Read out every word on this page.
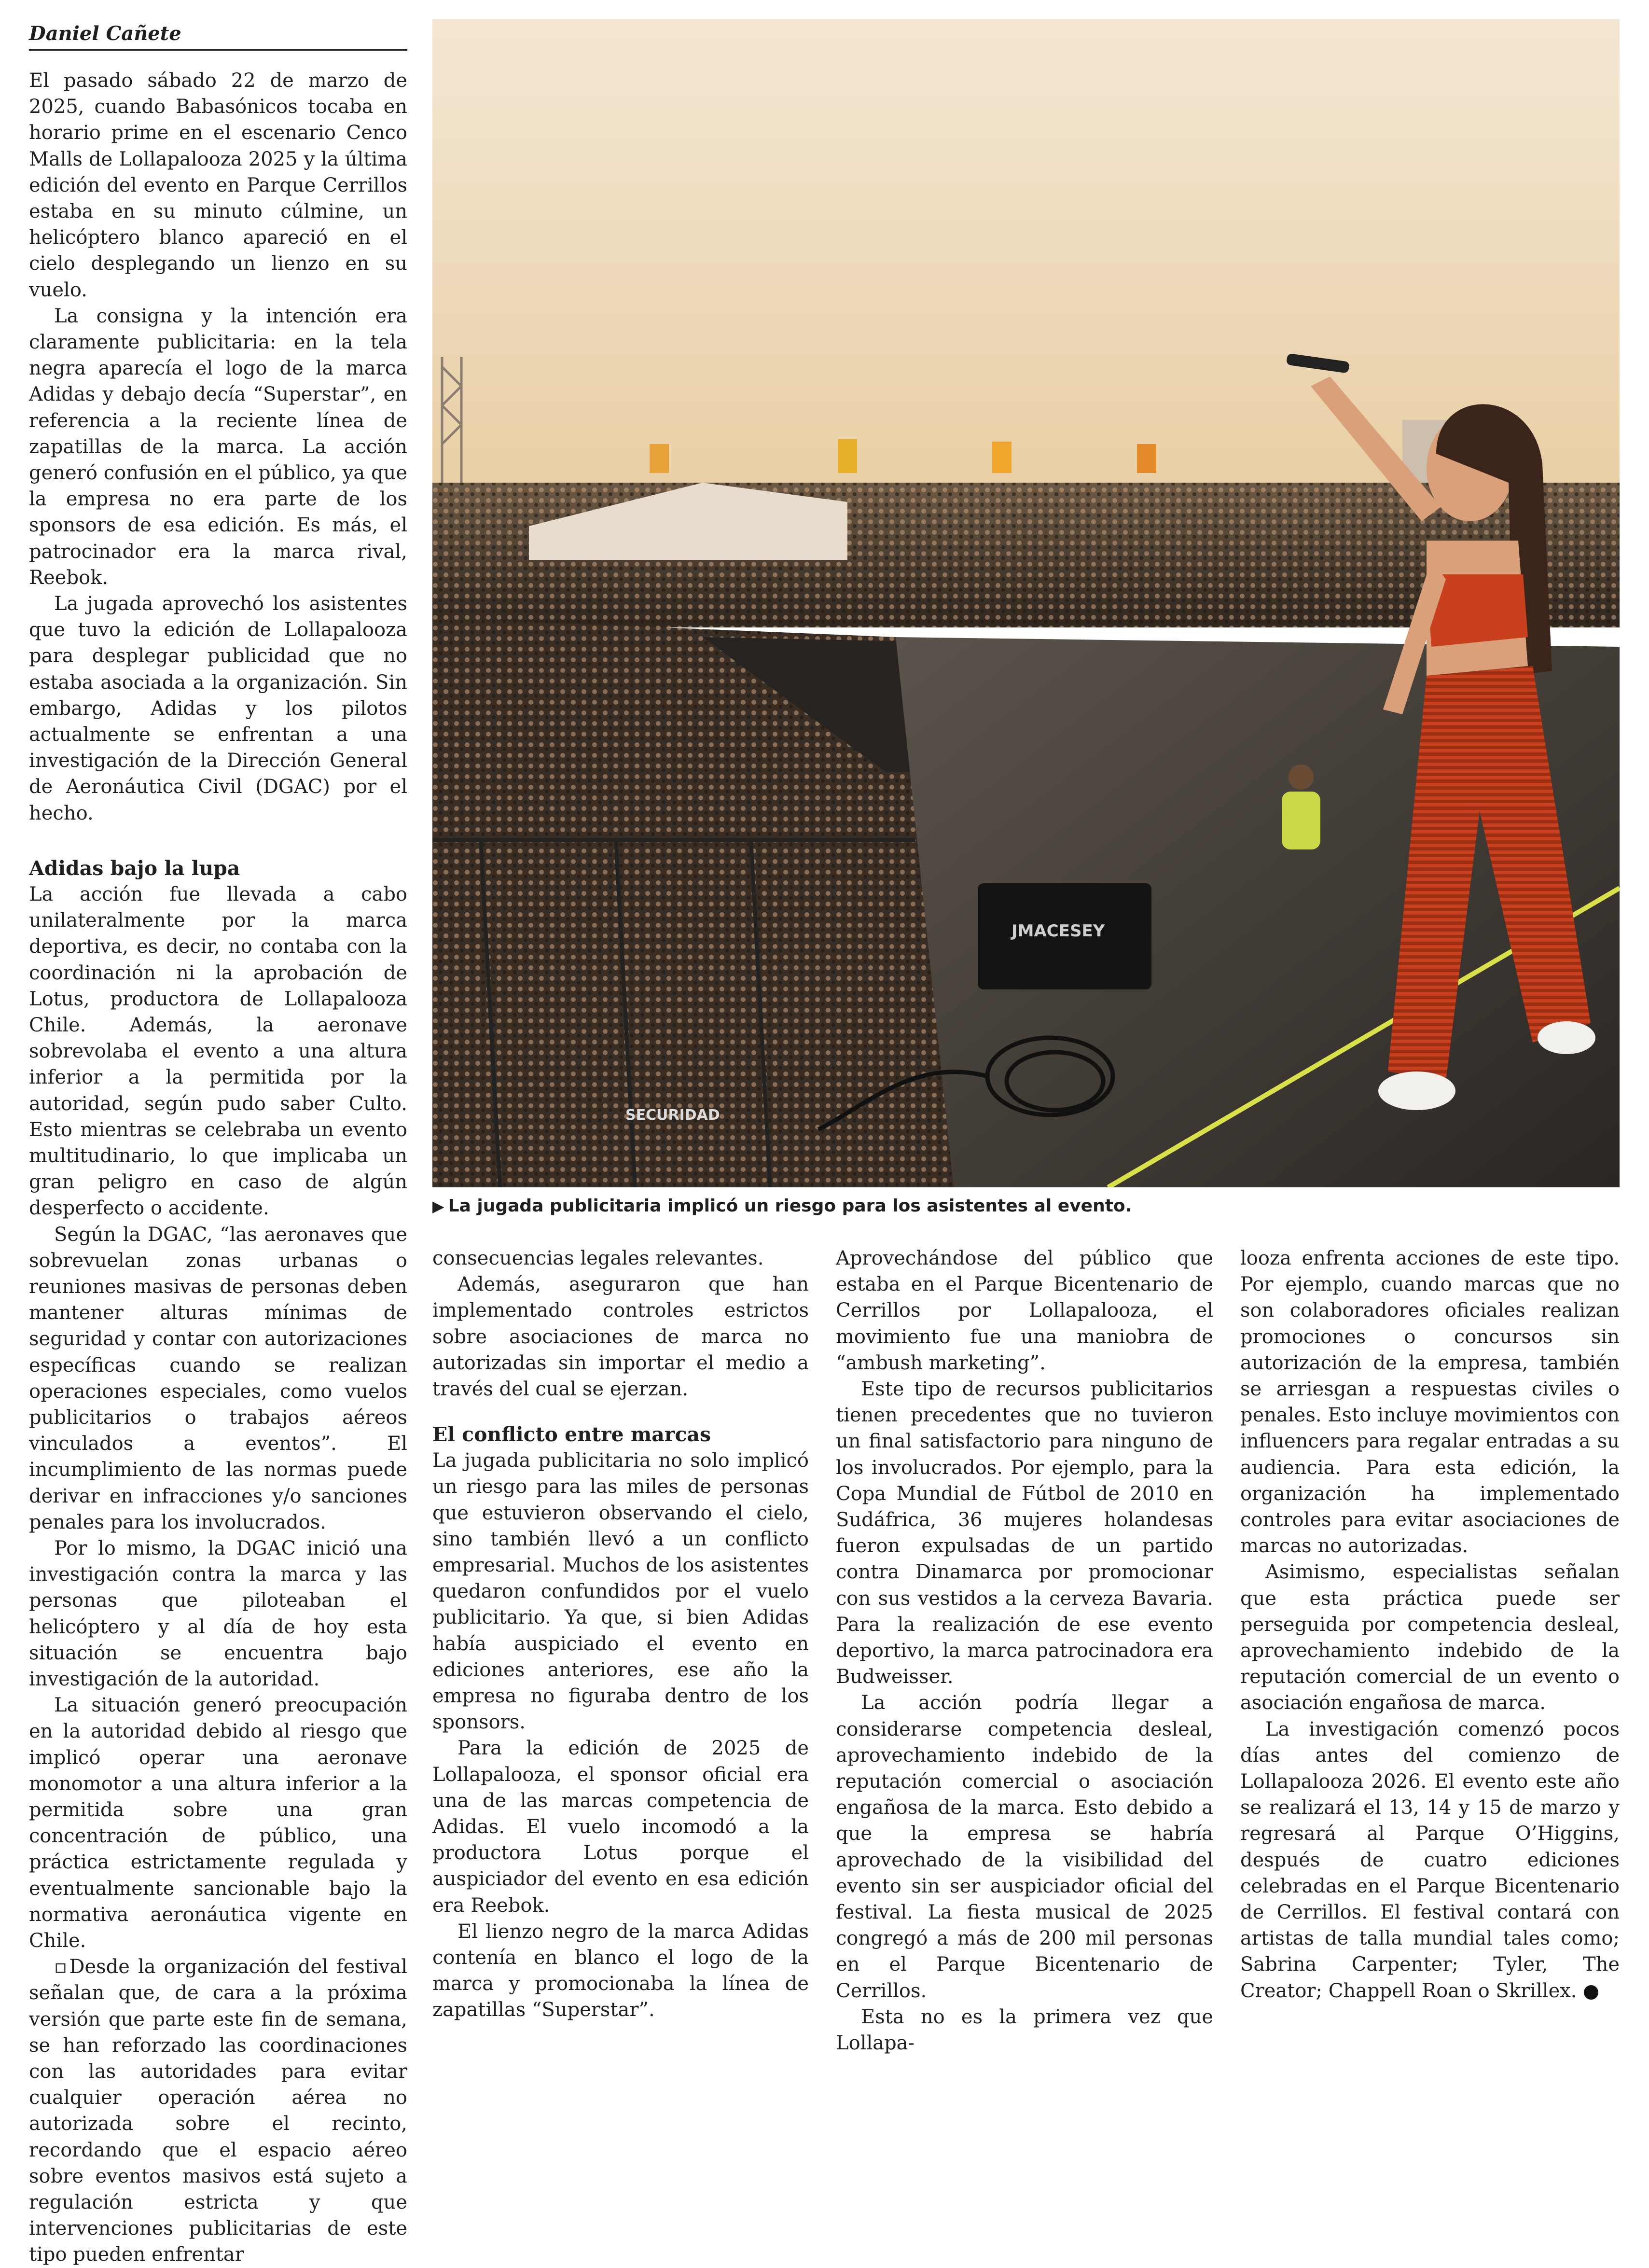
Daniel Cañete

El pasado sábado 22 de marzo de 2025, cuando Babasónicos tocaba en horario prime en el escenario Cenco Malls de Lollapalooza 2025 y la última edición del evento en Parque Cerrillos estaba en su minuto cúlmine, un helicóptero blanco apareció en el cielo desplegando un lienzo en su vuelo.

La consigna y la intención era claramente publicitaria: en la tela negra aparecía el logo de la marca Adidas y debajo decía “Superstar”, en referencia a la reciente línea de zapatillas de la marca. La acción generó confusión en el público, ya que la empresa no era parte de los sponsors de esa edición. Es más, el patrocinador era la marca rival, Reebok.

La jugada aprovechó los asistentes que tuvo la edición de Lollapalooza para desplegar publicidad que no estaba asociada a la organización. Sin embargo, Adidas y los pilotos actualmente se enfrentan a una investigación de la Dirección General de Aeronáutica Civil (DGAC) por el hecho.

Adidas bajo la lupa

La acción fue llevada a cabo unilateralmente por la marca deportiva, es decir, no contaba con la coordinación ni la aprobación de Lotus, productora de Lollapalooza Chile. Además, la aeronave sobrevolaba el evento a una altura inferior a la permitida por la autoridad, según pudo saber Culto. Esto mientras se celebraba un evento multitudinario, lo que implicaba un gran peligro en caso de algún desperfecto o accidente.

Según la DGAC, “las aeronaves que sobrevuelan zonas urbanas o reuniones masivas de personas deben mantener alturas mínimas de seguridad y contar con autorizaciones específicas cuando se realizan operaciones especiales, como vuelos publicitarios o trabajos aéreos vinculados a eventos”. El incumplimiento de las normas puede derivar en infracciones y/o sanciones penales para los involucrados.

Por lo mismo, la DGAC inició una investigación contra la marca y las personas que piloteaban el helicóptero y al día de hoy esta situación se encuentra bajo investigación de la autoridad.

La situación generó preocupación en la autoridad debido al riesgo que implicó operar una aeronave monomotor a una altura inferior a la permitida sobre una gran concentración de público, una práctica estrictamente regulada y eventualmente sancionable bajo la normativa aeronáutica vigente en Chile.

▫Desde la organización del festival señalan que, de cara a la próxima versión que parte este fin de semana, se han reforzado las coordinaciones con las autoridades para evitar cualquier operación aérea no autorizada sobre el recinto, recordando que el espacio aéreo sobre eventos masivos está sujeto a regulación estricta y que intervenciones publicitarias de este tipo pueden enfrentar

SECURIDAD
JMACESEY
▶ La jugada publicitaria implicó un riesgo para los asistentes al evento.

consecuencias legales relevantes.

Además, aseguraron que han implementado controles estrictos sobre asociaciones de marca no autorizadas sin importar el medio a través del cual se ejerzan.

El conflicto entre marcas

La jugada publicitaria no solo implicó un riesgo para las miles de personas que estuvieron observando el cielo, sino también llevó a un conflicto empresarial. Muchos de los asistentes quedaron confundidos por el vuelo publicitario. Ya que, si bien Adidas había auspiciado el evento en ediciones anteriores, ese año la empresa no figuraba dentro de los sponsors.

Para la edición de 2025 de Lollapalooza, el sponsor oficial era una de las marcas competencia de Adidas. El vuelo incomodó a la productora Lotus porque el auspiciador del evento en esa edición era Reebok.

El lienzo negro de la marca Adidas contenía en blanco el logo de la marca y promocionaba la línea de zapatillas “Superstar”.

Aprovechándose del público que estaba en el Parque Bicentenario de Cerrillos por Lollapalooza, el movimiento fue una maniobra de “ambush marketing”.

Este tipo de recursos publicitarios tienen precedentes que no tuvieron un final satisfactorio para ninguno de los involucrados. Por ejemplo, para la Copa Mundial de Fútbol de 2010 en Sudáfrica, 36 mujeres holandesas fueron expulsadas de un partido contra Dinamarca por promocionar con sus vestidos a la cerveza Bavaria. Para la realización de ese evento deportivo, la marca patrocinadora era Budweisser.

La acción podría llegar a considerarse competencia desleal, aprovechamiento indebido de la reputación comercial o asociación engañosa de la marca. Esto debido a que la empresa se habría aprovechado de la visibilidad del evento sin ser auspiciador oficial del festival. La fiesta musical de 2025 congregó a más de 200 mil personas en el Parque Bicentenario de Cerrillos.

Esta no es la primera vez que Lollapa-

looza enfrenta acciones de este tipo. Por ejemplo, cuando marcas que no son colaboradores oficiales realizan promociones o concursos sin autorización de la empresa, también se arriesgan a respuestas civiles o penales. Esto incluye movimientos con influencers para regalar entradas a su audiencia. Para esta edición, la organización ha implementado controles para evitar asociaciones de marcas no autorizadas.

Asimismo, especialistas señalan que esta práctica puede ser perseguida por competencia desleal, aprovechamiento indebido de la reputación comercial de un evento o asociación engañosa de marca.

La investigación comenzó pocos días antes del comienzo de Lollapalooza 2026. El evento este año se realizará el 13, 14 y 15 de marzo y regresará al Parque O’Higgins, después de cuatro ediciones celebradas en el Parque Bicentenario de Cerrillos. El festival contará con artistas de talla mundial tales como; Sabrina Carpenter; Tyler, The Creator; Chappell Roan o Skrillex.
